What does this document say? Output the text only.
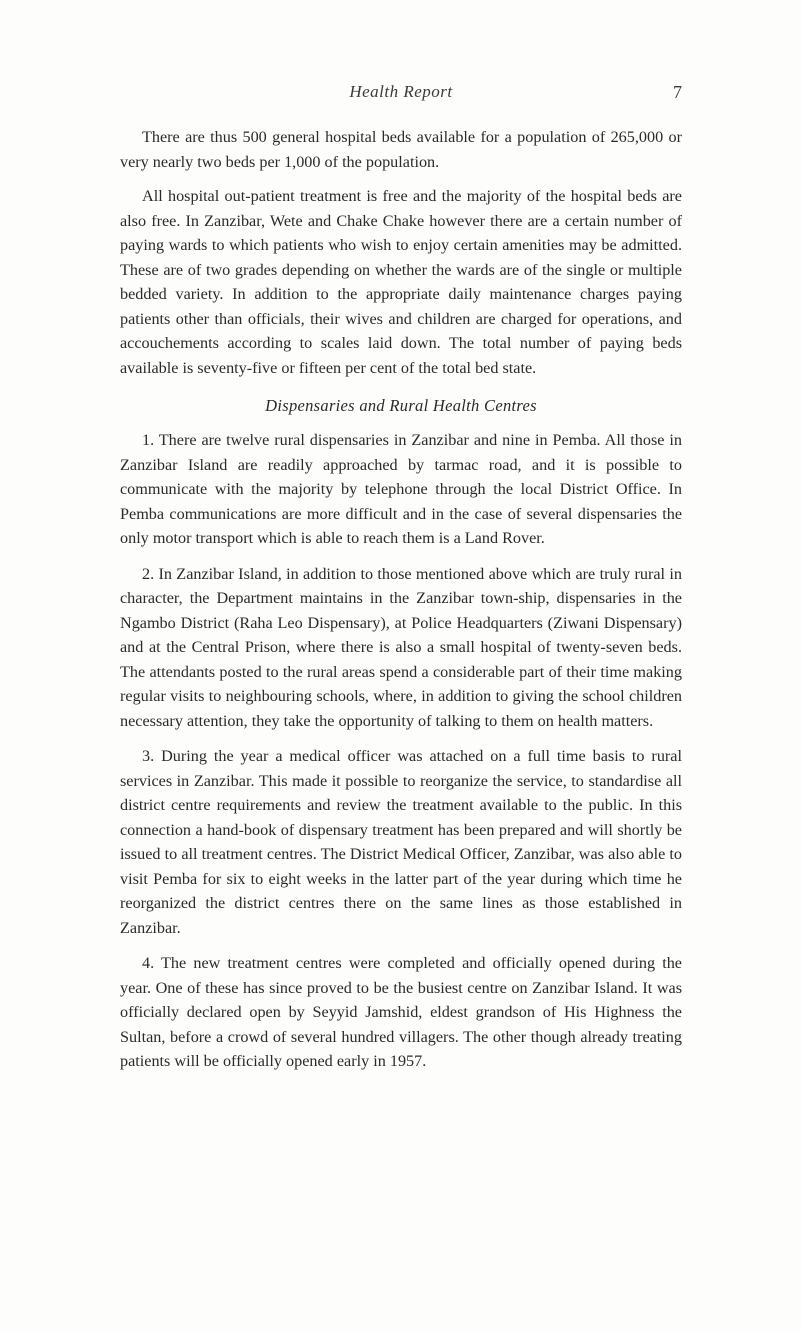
Health Report	7

There are thus 500 general hospital beds available for a population of 265,000 or very nearly two beds per 1,000 of the population.

All hospital out-patient treatment is free and the majority of the hospital beds are also free. In Zanzibar, Wete and Chake Chake however there are a certain number of paying wards to which patients who wish to enjoy certain amenities may be admitted. These are of two grades depending on whether the wards are of the single or multiple bedded variety. In addition to the appropriate daily maintenance charges paying patients other than officials, their wives and children are charged for operations, and accouchements according to scales laid down. The total number of paying beds available is seventy-five or fifteen per cent of the total bed state.

Dispensaries and Rural Health Centres

1. There are twelve rural dispensaries in Zanzibar and nine in Pemba. All those in Zanzibar Island are readily approached by tarmac road, and it is possible to communicate with the majority by telephone through the local District Office. In Pemba communications are more difficult and in the case of several dispensaries the only motor transport which is able to reach them is a Land Rover.

2. In Zanzibar Island, in addition to those mentioned above which are truly rural in character, the Department maintains in the Zanzibar town-ship, dispensaries in the Ngambo District (Raha Leo Dispensary), at Police Headquarters (Ziwani Dispensary) and at the Central Prison, where there is also a small hospital of twenty-seven beds. The attendants posted to the rural areas spend a considerable part of their time making regular visits to neighbouring schools, where, in addition to giving the school children necessary attention, they take the opportunity of talking to them on health matters.

3. During the year a medical officer was attached on a full time basis to rural services in Zanzibar. This made it possible to reorganize the service, to standardise all district centre requirements and review the treatment available to the public. In this connection a hand-book of dispensary treatment has been prepared and will shortly be issued to all treatment centres. The District Medical Officer, Zanzibar, was also able to visit Pemba for six to eight weeks in the latter part of the year during which time he reorganized the district centres there on the same lines as those established in Zanzibar.

4. The new treatment centres were completed and officially opened during the year. One of these has since proved to be the busiest centre on Zanzibar Island. It was officially declared open by Seyyid Jamshid, eldest grandson of His Highness the Sultan, before a crowd of several hundred villagers. The other though already treating patients will be officially opened early in 1957.
